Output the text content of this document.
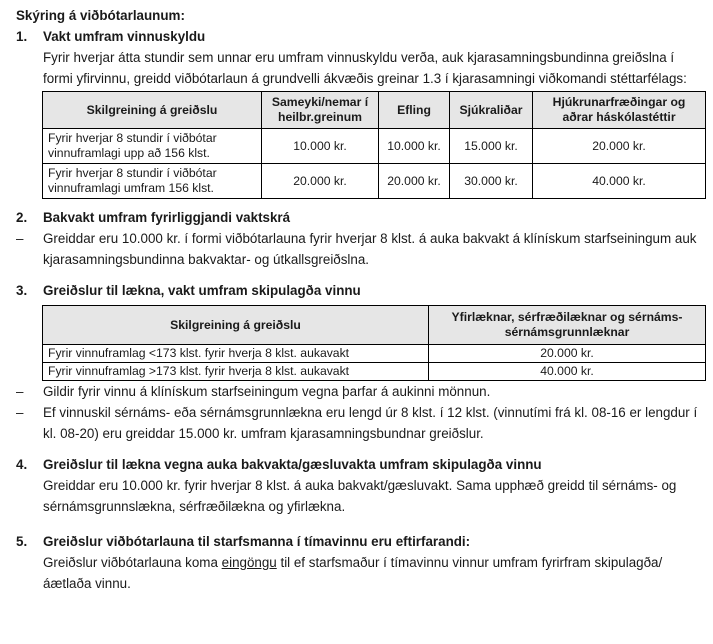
Skýring á viðbótarlaunum:
1.	Vakt umfram vinnuskyldu
Fyrir hverjar átta stundir sem unnar eru umfram vinnuskyldu verða, auk kjarasamningsbundinna greiðslna í formi yfirvinnu, greidd viðbótarlaun á grundvelli ákvæðis greinar 1.3 í kjarasamningi viðkomandi stéttarfélags:
Skilgreining á greiðslu	Sameyki/nemar í heilbr.greinum	Efling	Sjúkraliðar	Hjúkrunarfræðingar og aðrar háskólastéttir
Fyrir hverjar 8 stundir í viðbótar vinnuframlagi upp að 156 klst.	10.000 kr.	10.000 kr.	15.000 kr.	20.000 kr.
Fyrir hverjar 8 stundir í viðbótar vinnuframlagi umfram 156 klst.	20.000 kr.	20.000 kr.	30.000 kr.	40.000 kr.
2.	Bakvakt umfram fyrirliggjandi vaktskrá
–	Greiddar eru 10.000 kr. í formi viðbótarlauna fyrir hverjar 8 klst. á auka bakvakt á klínískum starfseiningum auk kjarasamningsbundinna bakvaktar- og útkallsgreiðslna.
3.	Greiðslur til lækna, vakt umfram skipulagða vinnu
Skilgreining á greiðslu	Yfirlæknar, sérfræðilæknar og sérnáms-sérnámsgrunnlæknar
Fyrir vinnuframlag <173 klst. fyrir hverja 8 klst. aukavakt	20.000 kr.
Fyrir vinnuframlag >173 klst. fyrir hverja 8 klst. aukavakt	40.000 kr.
–	Gildir fyrir vinnu á klínískum starfseiningum vegna þarfar á aukinni mönnun.
–	Ef vinnuskil sérnáms- eða sérnámsgrunnlækna eru lengd úr 8 klst. í 12 klst. (vinnutími frá kl. 08-16 er lengdur í kl. 08-20) eru greiddar 15.000 kr. umfram kjarasamningsbundnar greiðslur.
4.	Greiðslur til lækna vegna auka bakvakta/gæsluvakta umfram skipulagða vinnu
Greiddar eru 10.000 kr. fyrir hverjar 8 klst. á auka bakvakt/gæsluvakt. Sama upphæð greidd til sérnáms- og sérnámsgrunnslækna, sérfræðilækna og yfirlækna.
5.	Greiðslur viðbótarlauna til starfsmanna í tímavinnu eru eftirfarandi:
Greiðslur viðbótarlauna koma eingöngu til ef starfsmaður í tímavinnu vinnur umfram fyrirfram skipulagða/áætlaða vinnu.
